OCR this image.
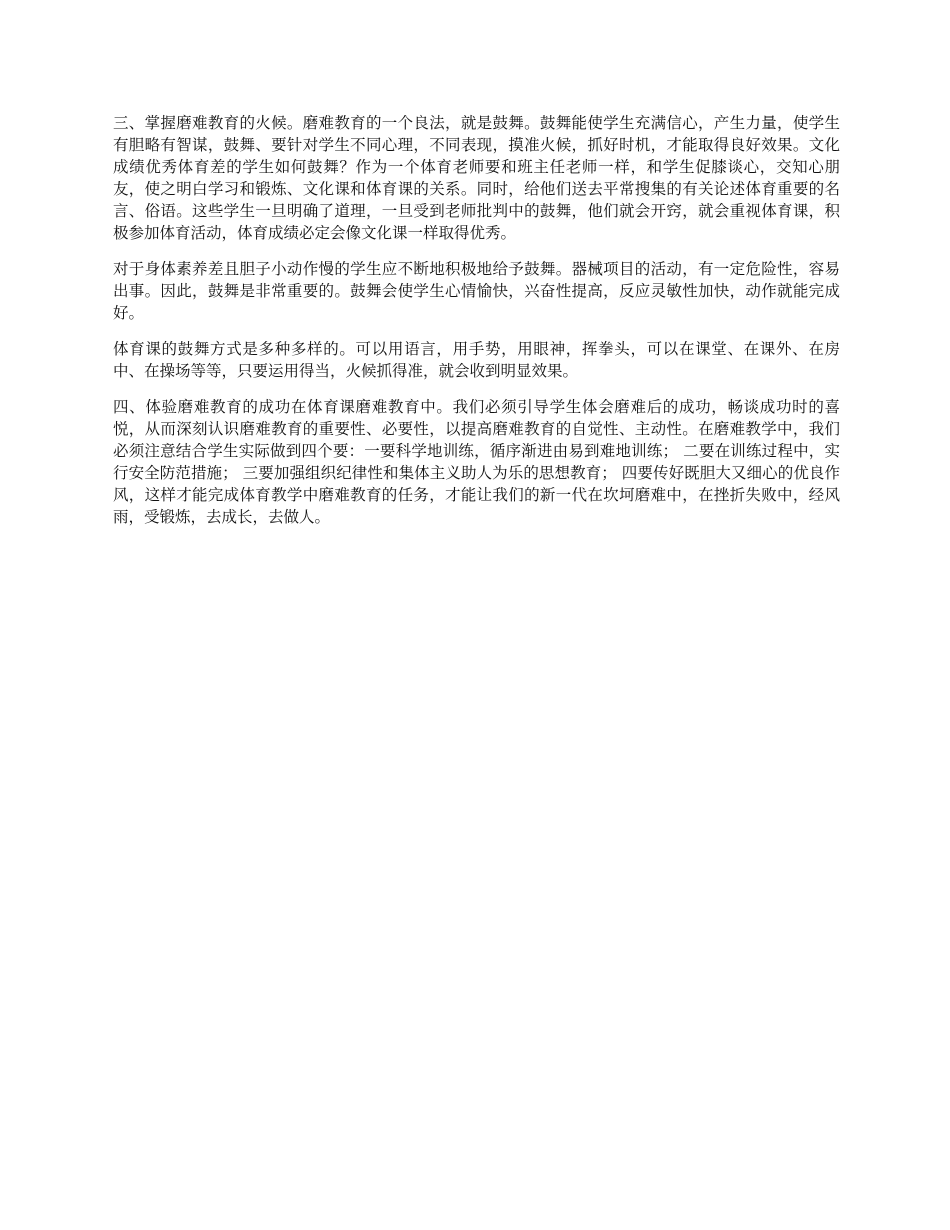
三、掌握磨难教育的火候。磨难教育的一个良法，就是鼓舞。鼓舞能使学生充满信心，产生力量，使学生有胆略有智谋，鼓舞、要针对学生不同心理，不同表现，摸准火候，抓好时机，才能取得良好效果。文化成绩优秀体育差的学生如何鼓舞？作为一个体育老师要和班主任老师一样，和学生促膝谈心，交知心朋友，使之明白学习和锻炼、文化课和体育课的关系。同时，给他们送去平常搜集的有关论述体育重要的名言、俗语。这些学生一旦明确了道理，一旦受到老师批判中的鼓舞，他们就会开窍，就会重视体育课，积极参加体育活动，体育成绩必定会像文化课一样取得优秀。

对于身体素养差且胆子小动作慢的学生应不断地积极地给予鼓舞。器械项目的活动，有一定危险性，容易出事。因此，鼓舞是非常重要的。鼓舞会使学生心情愉快，兴奋性提高，反应灵敏性加快，动作就能完成好。

体育课的鼓舞方式是多种多样的。可以用语言，用手势，用眼神，挥拳头，可以在课堂、在课外、在房中、在操场等等，只要运用得当，火候抓得准，就会收到明显效果。

四、体验磨难教育的成功在体育课磨难教育中。我们必须引导学生体会磨难后的成功，畅谈成功时的喜悦，从而深刻认识磨难教育的重要性、必要性，以提高磨难教育的自觉性、主动性。在磨难教学中，我们必须注意结合学生实际做到四个要：一要科学地训练，循序渐进由易到难地训练； 二要在训练过程中，实行安全防范措施； 三要加强组织纪律性和集体主义助人为乐的思想教育； 四要传好既胆大又细心的优良作风，这样才能完成体育教学中磨难教育的任务，才能让我们的新一代在坎坷磨难中，在挫折失败中，经风雨，受锻炼，去成长，去做人。
